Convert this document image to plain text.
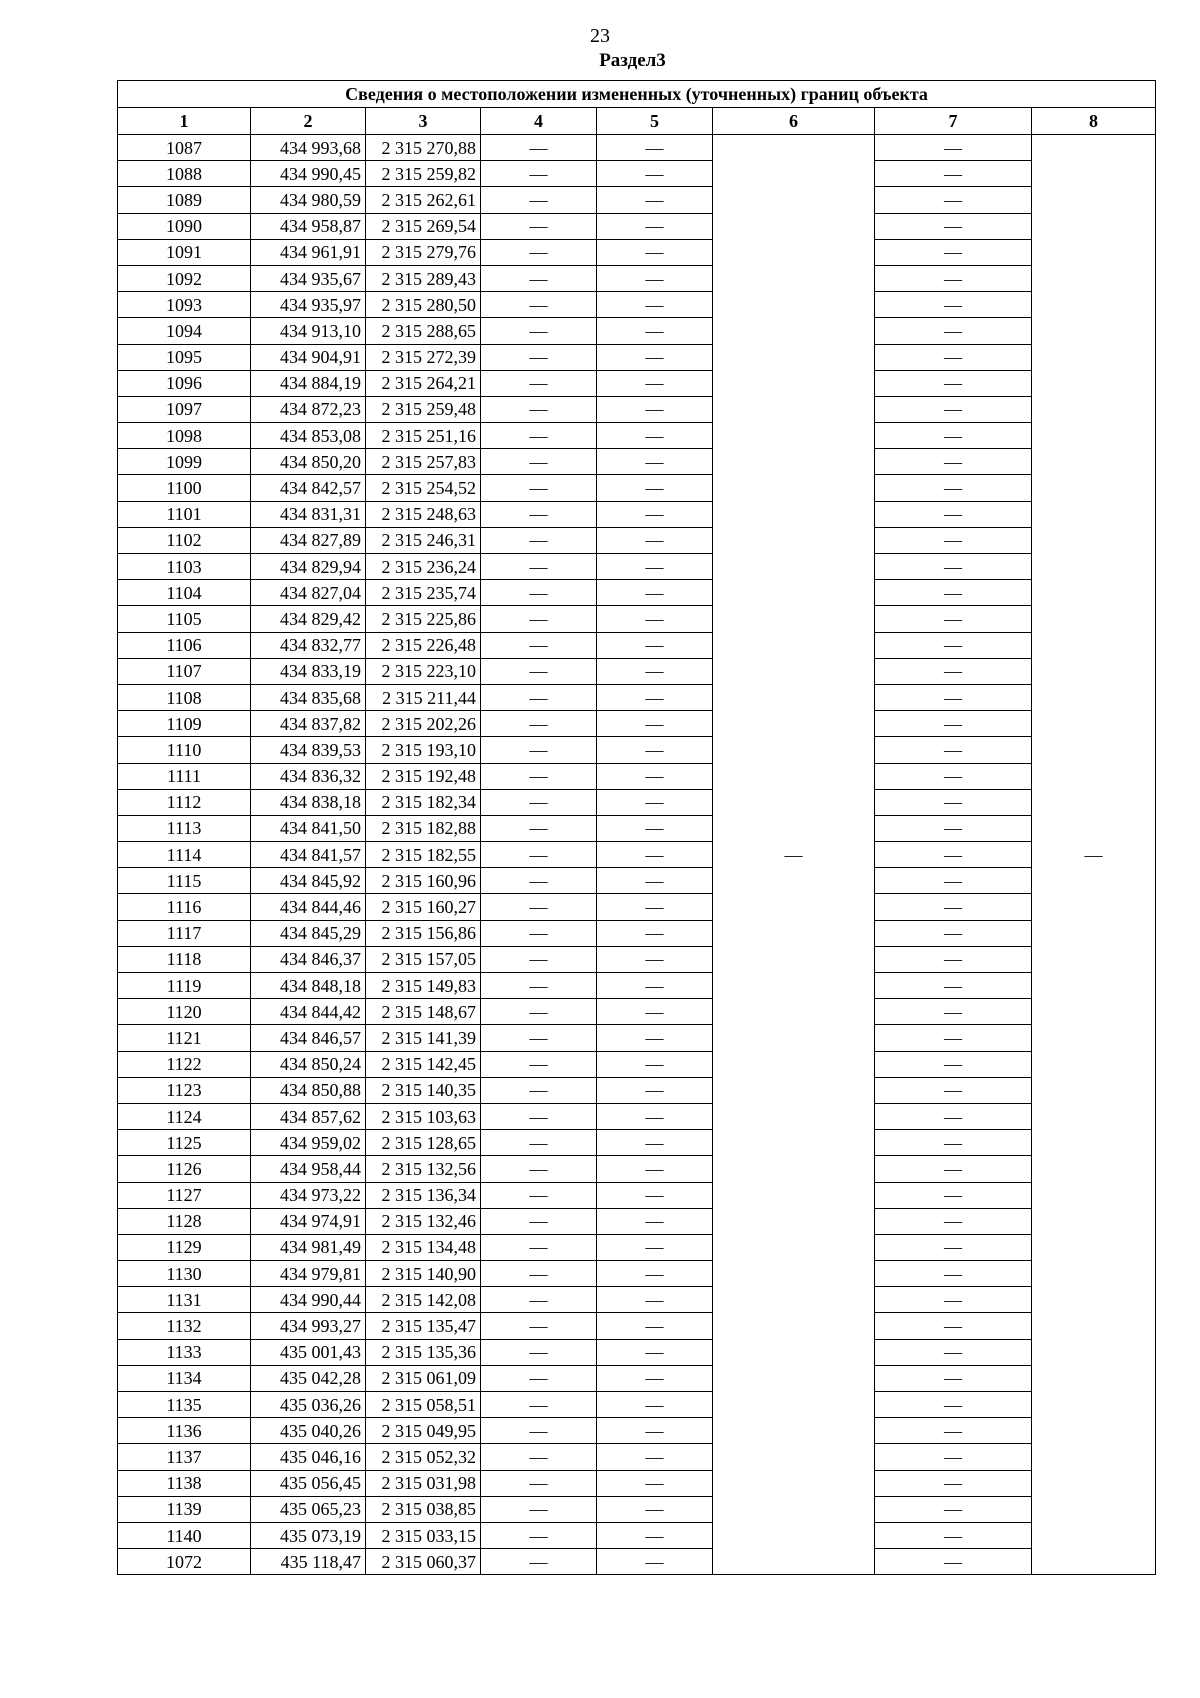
23
Раздел3
Сведения о местоположении измененных (уточненных) границ объекта							
1	2	3	4	5	6	7	8
1087	434 993,68	2 315 270,88	—	—	—	—	—
1088	434 990,45	2 315 259,82	—	—		—	
1089	434 980,59	2 315 262,61	—	—		—	
1090	434 958,87	2 315 269,54	—	—		—	
1091	434 961,91	2 315 279,76	—	—		—	
1092	434 935,67	2 315 289,43	—	—		—	
1093	434 935,97	2 315 280,50	—	—		—	
1094	434 913,10	2 315 288,65	—	—		—	
1095	434 904,91	2 315 272,39	—	—		—	
1096	434 884,19	2 315 264,21	—	—		—	
1097	434 872,23	2 315 259,48	—	—		—	
1098	434 853,08	2 315 251,16	—	—		—	
1099	434 850,20	2 315 257,83	—	—		—	
1100	434 842,57	2 315 254,52	—	—		—	
1101	434 831,31	2 315 248,63	—	—		—	
1102	434 827,89	2 315 246,31	—	—		—	
1103	434 829,94	2 315 236,24	—	—		—	
1104	434 827,04	2 315 235,74	—	—		—	
1105	434 829,42	2 315 225,86	—	—		—	
1106	434 832,77	2 315 226,48	—	—		—	
1107	434 833,19	2 315 223,10	—	—		—	
1108	434 835,68	2 315 211,44	—	—		—	
1109	434 837,82	2 315 202,26	—	—		—	
1110	434 839,53	2 315 193,10	—	—		—	
1111	434 836,32	2 315 192,48	—	—		—	
1112	434 838,18	2 315 182,34	—	—		—	
1113	434 841,50	2 315 182,88	—	—		—	
1114	434 841,57	2 315 182,55	—	—		—	
1115	434 845,92	2 315 160,96	—	—		—	
1116	434 844,46	2 315 160,27	—	—		—	
1117	434 845,29	2 315 156,86	—	—		—	
1118	434 846,37	2 315 157,05	—	—		—	
1119	434 848,18	2 315 149,83	—	—		—	
1120	434 844,42	2 315 148,67	—	—		—	
1121	434 846,57	2 315 141,39	—	—		—	
1122	434 850,24	2 315 142,45	—	—		—	
1123	434 850,88	2 315 140,35	—	—		—	
1124	434 857,62	2 315 103,63	—	—		—	
1125	434 959,02	2 315 128,65	—	—		—	
1126	434 958,44	2 315 132,56	—	—		—	
1127	434 973,22	2 315 136,34	—	—		—	
1128	434 974,91	2 315 132,46	—	—		—	
1129	434 981,49	2 315 134,48	—	—		—	
1130	434 979,81	2 315 140,90	—	—		—	
1131	434 990,44	2 315 142,08	—	—		—	
1132	434 993,27	2 315 135,47	—	—		—	
1133	435 001,43	2 315 135,36	—	—		—	
1134	435 042,28	2 315 061,09	—	—		—	
1135	435 036,26	2 315 058,51	—	—		—	
1136	435 040,26	2 315 049,95	—	—		—	
1137	435 046,16	2 315 052,32	—	—		—	
1138	435 056,45	2 315 031,98	—	—		—	
1139	435 065,23	2 315 038,85	—	—		—	
1140	435 073,19	2 315 033,15	—	—		—	
1072	435 118,47	2 315 060,37	—	—		—	
